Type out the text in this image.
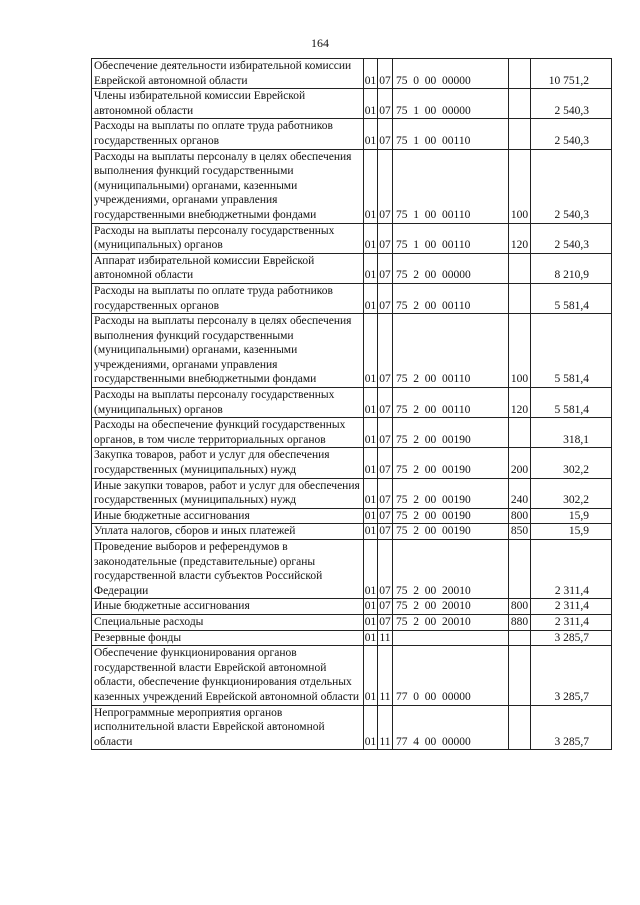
164
Обеспечение деятельности избирательной комиссии Еврейской автономной области	01	07	75  0  00  00000		10 751,2
Члены избирательной комиссии Еврейской автономной области	01	07	75  1  00  00000		2 540,3
Расходы на выплаты по оплате труда работников государственных органов	01	07	75  1  00  00110		2 540,3
Расходы на выплаты персоналу в целях обеспечения выполнения функций государственными (муниципальными) органами, казенными учреждениями, органами управления государственными внебюджетными фондами	01	07	75  1  00  00110	100	2 540,3
Расходы на выплаты персоналу государственных (муниципальных) органов	01	07	75  1  00  00110	120	2 540,3
Аппарат избирательной комиссии Еврейской автономной области	01	07	75  2  00  00000		8 210,9
Расходы на выплаты по оплате труда работников государственных органов	01	07	75  2  00  00110		5 581,4
Расходы на выплаты персоналу в целях обеспечения выполнения функций государственными (муниципальными) органами, казенными учреждениями, органами управления государственными внебюджетными фондами	01	07	75  2  00  00110	100	5 581,4
Расходы на выплаты персоналу государственных (муниципальных) органов	01	07	75  2  00  00110	120	5 581,4
Расходы на обеспечение функций государственных органов, в том числе территориальных органов	01	07	75  2  00  00190		318,1
Закупка товаров, работ и услуг для обеспечения государственных (муниципальных) нужд	01	07	75  2  00  00190	200	302,2
Иные закупки товаров, работ и услуг для обеспечения государственных (муниципальных) нужд	01	07	75  2  00  00190	240	302,2
Иные бюджетные ассигнования	01	07	75  2  00  00190	800	15,9
Уплата налогов, сборов и иных платежей	01	07	75  2  00  00190	850	15,9
Проведение выборов и референдумов в законодательные (представительные) органы государственной власти субъектов Российской Федерации	01	07	75  2  00  20010		2 311,4
Иные бюджетные ассигнования	01	07	75  2  00  20010	800	2 311,4
Специальные расходы	01	07	75  2  00  20010	880	2 311,4
Резервные фонды	01	11			3 285,7
Обеспечение функционирования органов государственной власти Еврейской автономной области, обеспечение функционирования отдельных казенных учреждений Еврейской автономной области	01	11	77  0  00  00000		3 285,7
Непрограммные мероприятия органов исполнительной власти Еврейской автономной области	01	11	77  4  00  00000		3 285,7
